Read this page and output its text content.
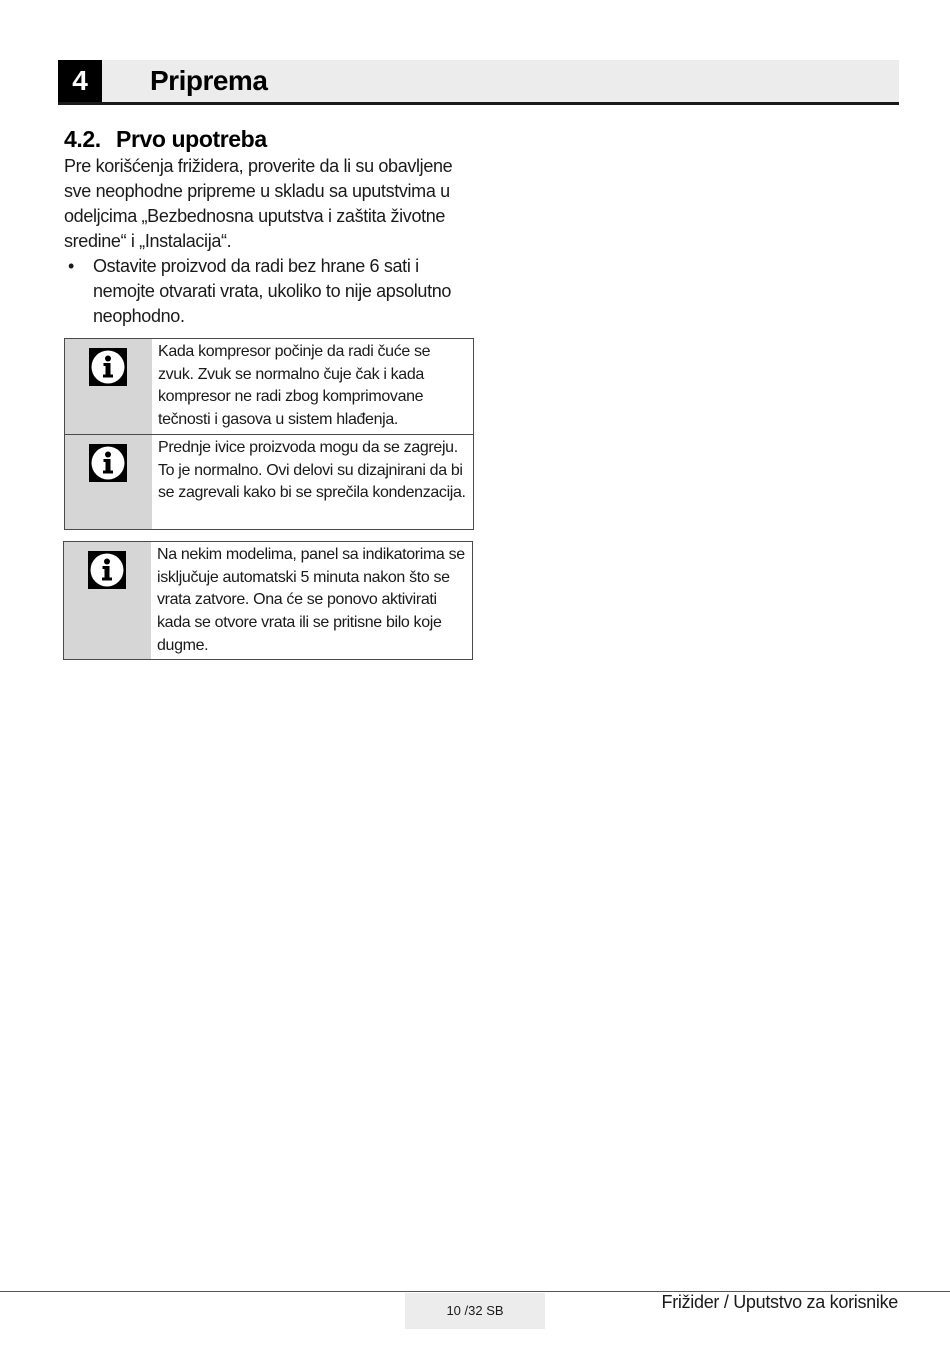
4	Priprema
4.2. Prvo upotreba

Pre korišćenja frižidera, proverite da li su obavljene sve neophodne pripreme u skladu sa uputstvima u odeljcima „Bezbednosna uputstva i zaštita životne sredine“ i „Instalacija“.

• Ostavite proizvod da radi bez hrane 6 sati i nemojte otvarati vrata, ukoliko to nije apsolutno neophodno.
Kada kompresor počinje da radi čuće se zvuk. Zvuk se normalno čuje čak i kada kompresor ne radi zbog komprimovane tečnosti i gasova u sistem hlađenja.
Prednje ivice proizvoda mogu da se zagreju. To je normalno. Ovi delovi su dizajnirani da bi se zagrevali kako bi se sprečila kondenzacija.
Na nekim modelima, panel sa indikatorima se isključuje automatski 5 minuta nakon što se vrata zatvore. Ona će se ponovo aktivirati kada se otvore vrata ili se pritisne bilo koje dugme.
10 /32 SB	Frižider / Uputstvo za korisnike
